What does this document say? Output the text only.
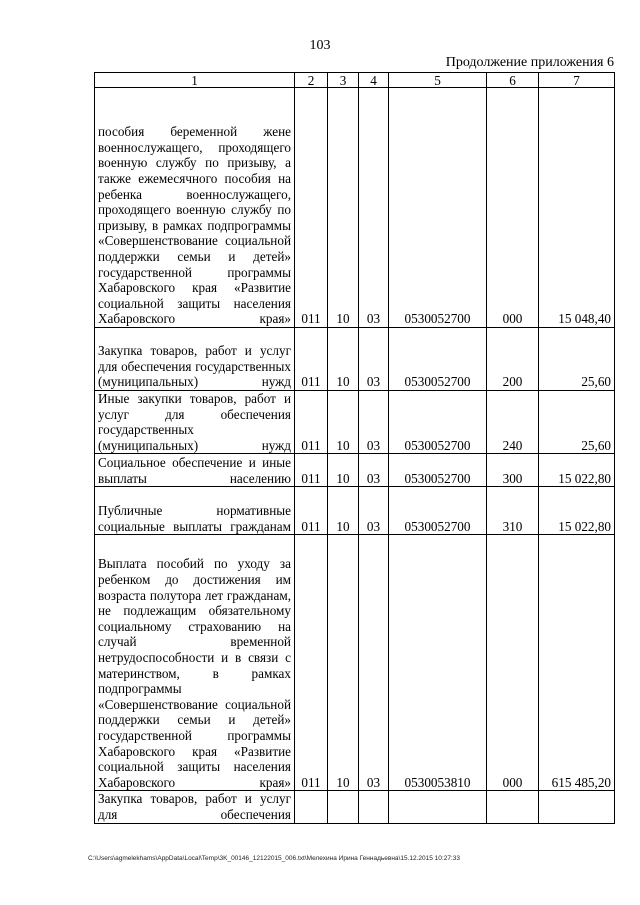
103
Продолжение приложения 6
1	2	3	4	5	6	7
пособия беременной жене военнослужащего, проходящего военную службу по призыву, а также ежемесячного пособия на ребенка военнослужащего, проходящего военную службу по призыву, в рамках подпрограммы «Совершенствование социальной поддержки семьи и детей» государственной программы Хабаровского края «Развитие социальной защиты населения Хабаровского края»	011	10	03	0530052700	000	15 048,40
Закупка товаров, работ и услуг для обеспечения государственных (муниципальных) нужд	011	10	03	0530052700	200	25,60
Иные закупки товаров, работ и услуг для обеспечения государственных (муниципальных) нужд	011	10	03	0530052700	240	25,60
Социальное обеспечение и иные выплаты населению	011	10	03	0530052700	300	15 022,80
Публичные нормативные социальные выплаты гражданам	011	10	03	0530052700	310	15 022,80
Выплата пособий по уходу за ребенком до достижения им возраста полутора лет гражданам, не подлежащим обязательному социальному страхованию на случай временной нетрудоспособности и в связи с материнством, в рамках подпрограммы «Совершенствование социальной поддержки семьи и детей» государственной программы Хабаровского края «Развитие социальной защиты населения Хабаровского края»	011	10	03	0530053810	000	615 485,20
Закупка товаров, работ и услуг для обеспечения						
C:\Users\agmelekhams\AppData\Local\Temp\3K_00146_12122015_006.txt\Мелехина Ирина Геннадьевна\15.12.2015 10:27:33
